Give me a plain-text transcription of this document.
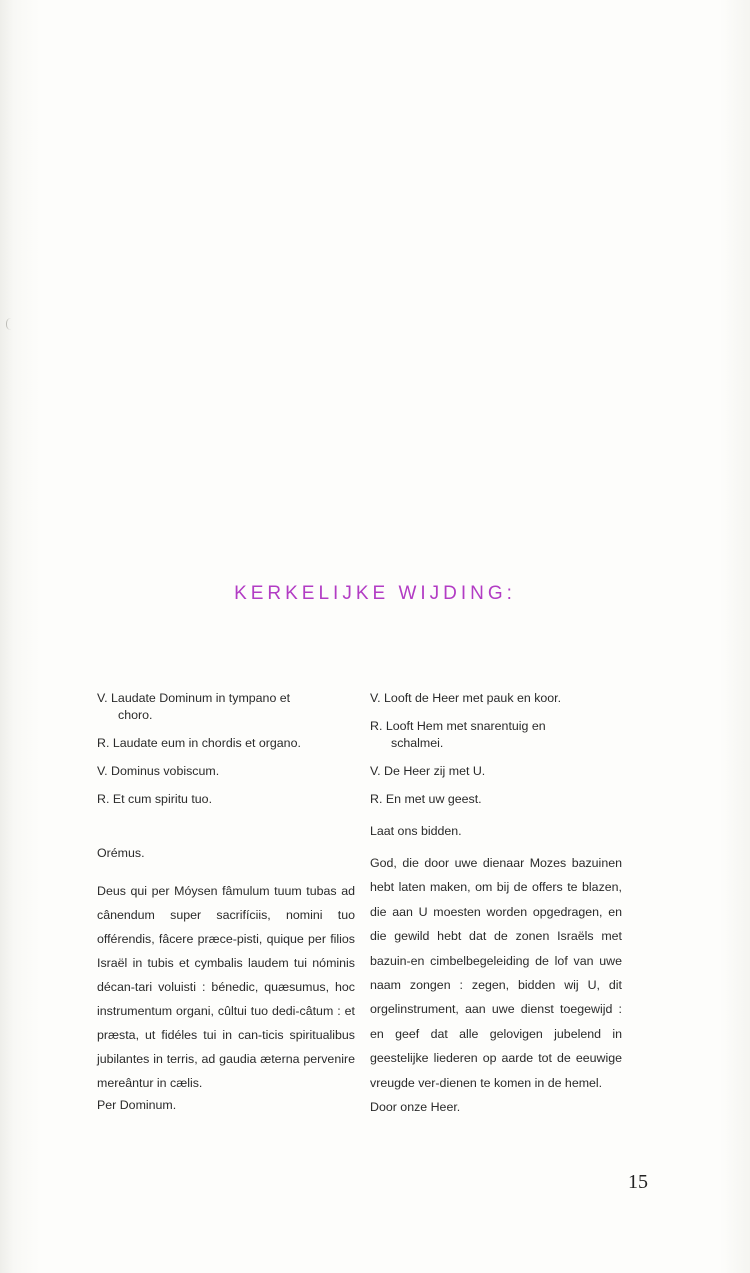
KERKELIJKE WIJDING:
V. Laudate Dominum in tympano et
choro.
R. Laudate eum in chordis et organo.
V. Dominus vobiscum.
R. Et cum spiritu tuo.

Orémus.

Deus qui per Móysen fâmulum tuum tubas ad cânendum super sacrifíciis, nomini tuo offérendis, fâcere præce-pisti, quique per filios Israël in tubis et cymbalis laudem tui nóminis décan-tari voluisti : bénedic, quæsumus, hoc instrumentum organi, cûltui tuo dedi-câtum : et præsta, ut fidéles tui in can-ticis spiritualibus jubilantes in terris, ad gaudia æterna pervenire mereântur in cælis.

Per Dominum.

V. Looft de Heer met pauk en koor.
R. Looft Hem met snarentuig en
schalmei.
V. De Heer zij met U.
R. En met uw geest.

Laat ons bidden.

God, die door uwe dienaar Mozes bazuinen hebt laten maken, om bij de offers te blazen, die aan U moesten worden opgedragen, en die gewild hebt dat de zonen Israëls met bazuin-en cimbelbegeleiding de lof van uwe naam zongen : zegen, bidden wij U, dit orgelinstrument, aan uwe dienst toegewijd : en geef dat alle gelovigen jubelend in geestelijke liederen op aarde tot de eeuwige vreugde ver-dienen te komen in de hemel.

Door onze Heer.

15
